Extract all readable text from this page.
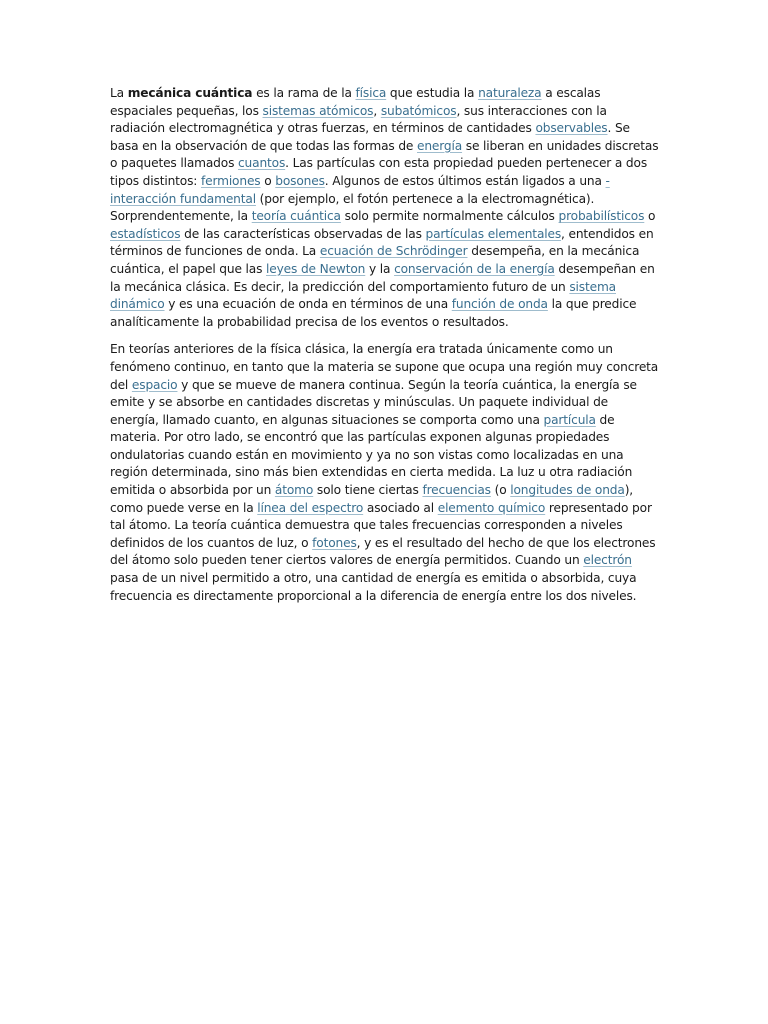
La mecánica cuántica es la rama de la física que estudia la naturaleza a escalas espaciales pequeñas, los sistemas atómicos, subatómicos, sus interacciones con la radiación electromagnética y otras fuerzas, en términos de cantidades observables. Se basa en la observación de que todas las formas de energía se liberan en unidades discretas o paquetes llamados cuantos. Las partículas con esta propiedad pueden pertenecer a dos tipos distintos: fermiones o bosones. Algunos de estos últimos están ligados a una -interacción fundamental (por ejemplo, el fotón pertenece a la electromagnética). Sorprendentemente, la teoría cuántica solo permite normalmente cálculos probabilísticos o estadísticos de las características observadas de las partículas elementales, entendidos en términos de funciones de onda. La ecuación de Schrödinger desempeña, en la mecánica cuántica, el papel que las leyes de Newton y la conservación de la energía desempeñan en la mecánica clásica. Es decir, la predicción del comportamiento futuro de un sistema dinámico y es una ecuación de onda en términos de una función de onda la que predice analíticamente la probabilidad precisa de los eventos o resultados.

En teorías anteriores de la física clásica, la energía era tratada únicamente como un fenómeno continuo, en tanto que la materia se supone que ocupa una región muy concreta del espacio y que se mueve de manera continua. Según la teoría cuántica, la energía se emite y se absorbe en cantidades discretas y minúsculas. Un paquete individual de energía, llamado cuanto, en algunas situaciones se comporta como una partícula de materia. Por otro lado, se encontró que las partículas exponen algunas propiedades ondulatorias cuando están en movimiento y ya no son vistas como localizadas en una región determinada, sino más bien extendidas en cierta medida. La luz u otra radiación emitida o absorbida por un átomo solo tiene ciertas frecuencias (o longitudes de onda), como puede verse en la línea del espectro asociado al elemento químico representado por tal átomo. La teoría cuántica demuestra que tales frecuencias corresponden a niveles definidos de los cuantos de luz, o fotones, y es el resultado del hecho de que los electrones del átomo solo pueden tener ciertos valores de energía permitidos. Cuando un electrón pasa de un nivel permitido a otro, una cantidad de energía es emitida o absorbida, cuya frecuencia es directamente proporcional a la diferencia de energía entre los dos niveles.
